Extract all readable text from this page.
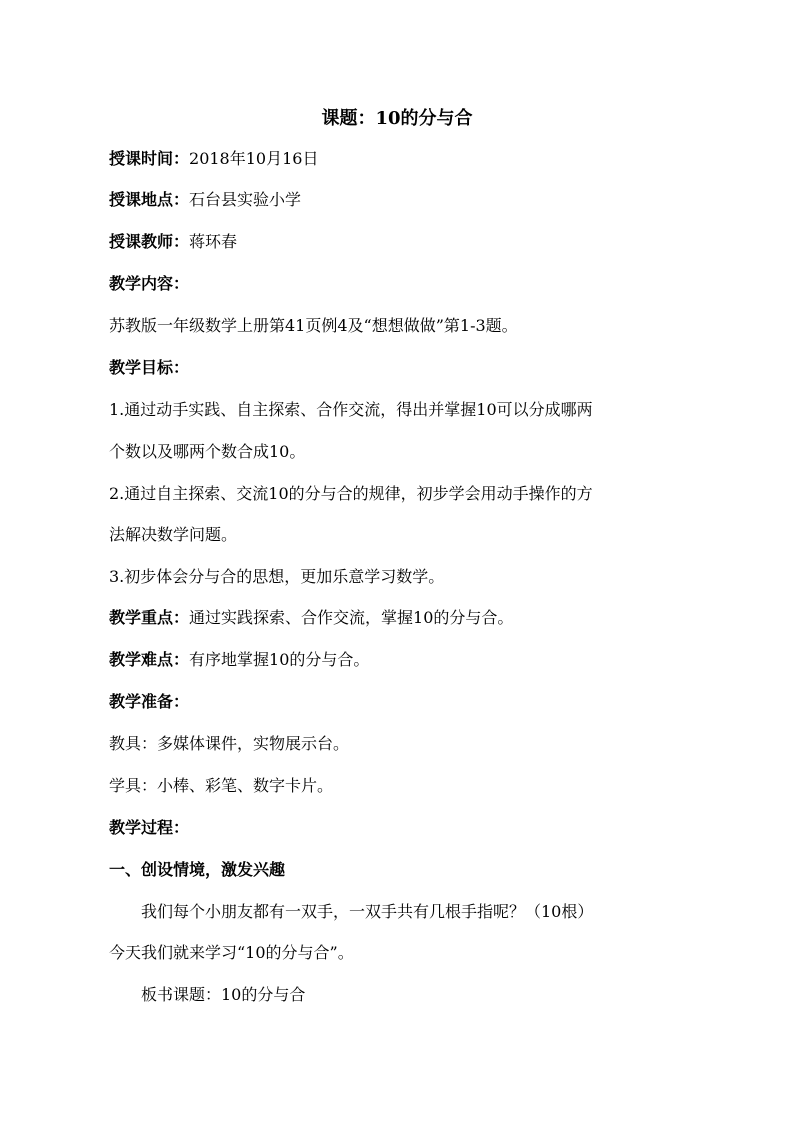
课题：10的分与合
授课时间：2018年10月16日
授课地点：石台县实验小学
授课教师：蒋环春
教学内容：
苏教版一年级数学上册第41页例4及“想想做做”第1-3题。
教学目标：
1.通过动手实践、自主探索、合作交流，得出并掌握10可以分成哪两
个数以及哪两个数合成10。
2.通过自主探索、交流10的分与合的规律，初步学会用动手操作的方
法解决数学问题。
3.初步体会分与合的思想，更加乐意学习数学。
教学重点：通过实践探索、合作交流，掌握10的分与合。
教学难点：有序地掌握10的分与合。
教学准备：
教具：多媒体课件，实物展示台。
学具：小棒、彩笔、数字卡片。
教学过程：
一、创设情境，激发兴趣
我们每个小朋友都有一双手，一双手共有几根手指呢？（10根）
今天我们就来学习“10的分与合”。
板书课题：10的分与合
